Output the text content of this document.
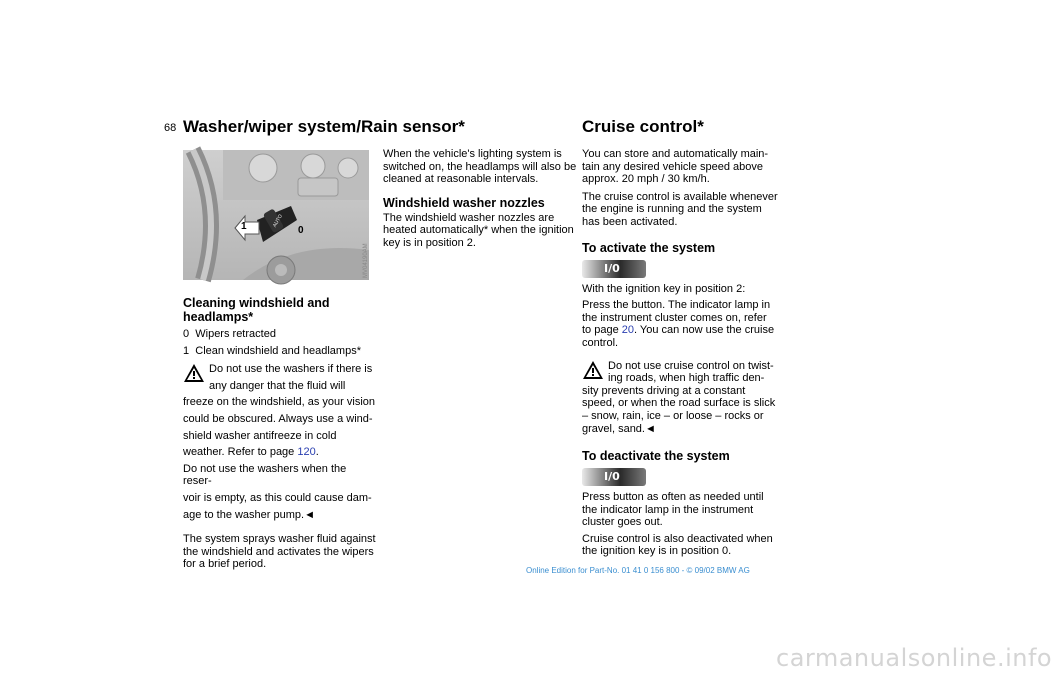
68 Washer/wiper system/Rain sensor*
1	0
AUTO
MV04190AM
Cleaning windshield and headlamps*
0 Wipers retracted
1 Clean windshield and headlamps*
Do not use the washers if there is
any danger that the fluid will
freeze on the windshield, as your vision
could be obscured. Always use a wind-
shield washer antifreeze in cold
weather. Refer to page 120.
Do not use the washers when the reser-
voir is empty, as this could cause dam-
age to the washer pump.◄
The system sprays washer fluid against
the windshield and activates the wipers
for a brief period.
When the vehicle's lighting system is
switched on, the headlamps will also be
cleaned at reasonable intervals.
Windshield washer nozzles
The windshield washer nozzles are
heated automatically* when the ignition
key is in position 2.
Cruise control*
You can store and automatically main-
tain any desired vehicle speed above
approx. 20 mph / 30 km/h.
The cruise control is available whenever
the engine is running and the system
has been activated.
To activate the system
I/0
With the ignition key in position 2:
Press the button. The indicator lamp in
the instrument cluster comes on, refer
to page 20. You can now use the cruise
control.
Do not use cruise control on twist-
ing roads, when high traffic den-
sity prevents driving at a constant
speed, or when the road surface is slick
– snow, rain, ice – or loose – rocks or
gravel, sand.◄
To deactivate the system
I/0
Press button as often as needed until
the indicator lamp in the instrument
cluster goes out.
Cruise control is also deactivated when
the ignition key is in position 0.
Online Edition for Part-No. 01 41 0 156 800 - © 09/02 BMW AG
carmanualsonline.info
